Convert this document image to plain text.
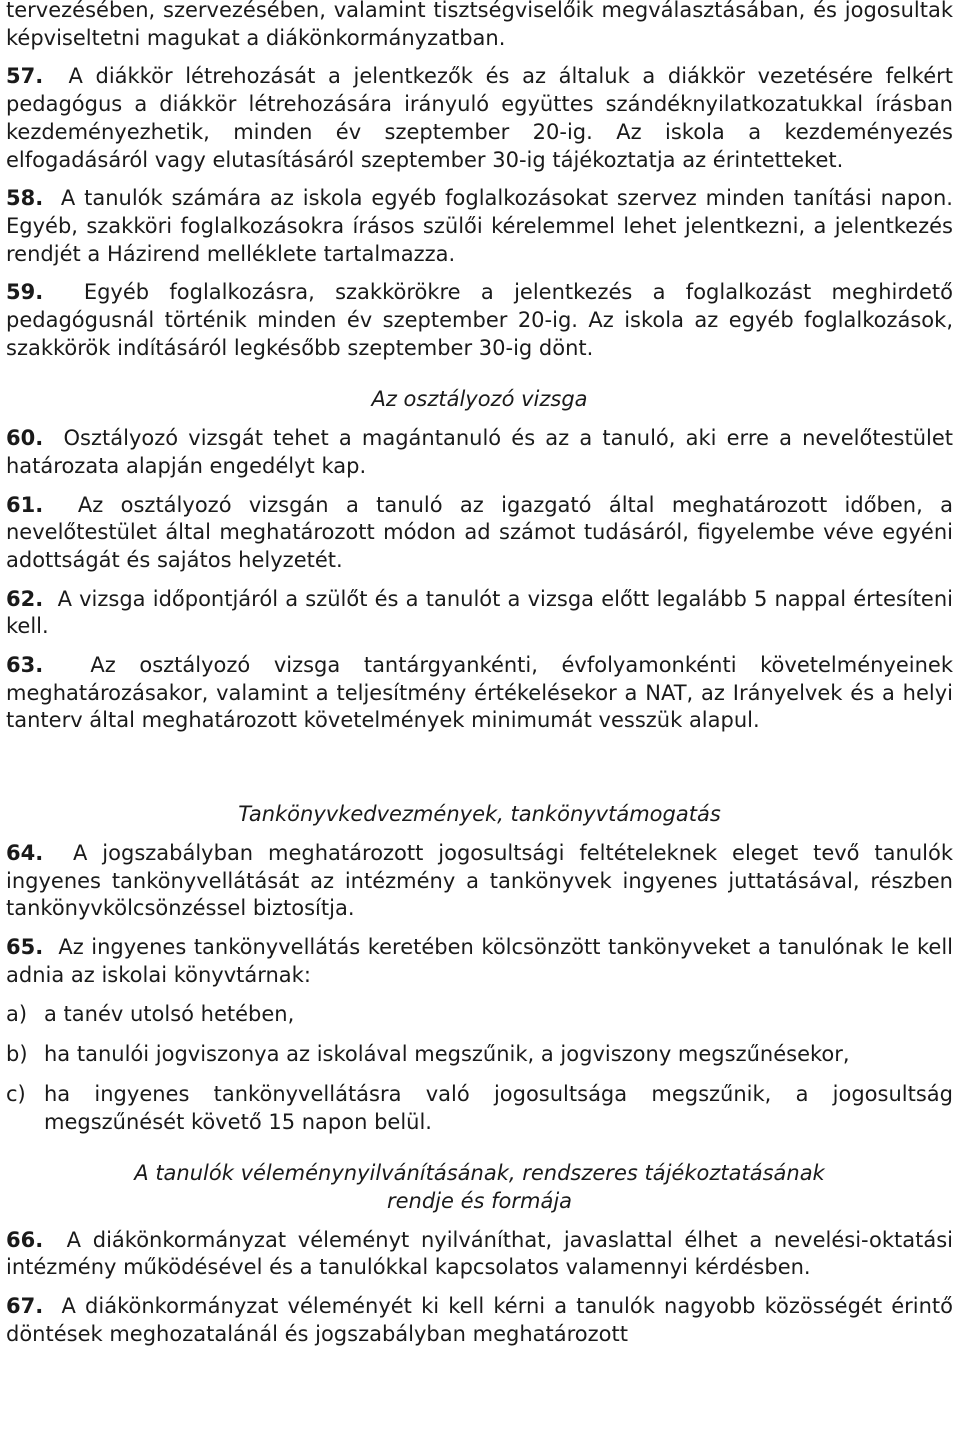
tervezésében, szervezésében, valamint tisztségviselőik megválasztásában, és jogosultak képviseltetni magukat a diákönkormányzatban.

57. A diákkör létrehozását a jelentkezők és az általuk a diákkör vezetésére felkért pedagógus a diákkör létrehozására irányuló együttes szándéknyilatkozatukkal írásban kezdeményezhetik, minden év szeptember 20-ig. Az iskola a kezdeményezés elfogadásáról vagy elutasításáról szeptember 30-ig tájékoztatja az érintetteket.

58. A tanulók számára az iskola egyéb foglalkozásokat szervez minden tanítási napon. Egyéb, szakköri foglalkozásokra írásos szülői kérelemmel lehet jelentkezni, a jelentkezés rendjét a Házirend melléklete tartalmazza.

59. Egyéb foglalkozásra, szakkörökre a jelentkezés a foglalkozást meghirdető pedagógusnál történik minden év szeptember 20-ig. Az iskola az egyéb foglalkozások, szakkörök indításáról legkésőbb szeptember 30-ig dönt.

Az osztályozó vizsga

60. Osztályozó vizsgát tehet a magántanuló és az a tanuló, aki erre a nevelőtestület határozata alapján engedélyt kap.

61. Az osztályozó vizsgán a tanuló az igazgató által meghatározott időben, a nevelőtestület által meghatározott módon ad számot tudásáról, figyelembe véve egyéni adottságát és sajátos helyzetét.

62. A vizsga időpontjáról a szülőt és a tanulót a vizsga előtt legalább 5 nappal értesíteni kell.

63. Az osztályozó vizsga tantárgyankénti, évfolyamonkénti követelményeinek meghatározásakor, valamint a teljesítmény értékelésekor a NAT, az Irányelvek és a helyi tanterv által meghatározott követelmények minimumát vesszük alapul.

Tankönyvkedvezmények, tankönyvtámogatás

64. A jogszabályban meghatározott jogosultsági feltételeknek eleget tevő tanulók ingyenes tankönyvellátását az intézmény a tankönyvek ingyenes juttatásával, részben tankönyvkölcsönzéssel biztosítja.

65. Az ingyenes tankönyvellátás keretében kölcsönzött tankönyveket a tanulónak le kell adnia az iskolai könyvtárnak:

a) a tanév utolsó hetében,

b) ha tanulói jogviszonya az iskolával megszűnik, a jogviszony megszűnésekor,

c) ha ingyenes tankönyvellátásra való jogosultsága megszűnik, a jogosultság megszűnését követő 15 napon belül.

A tanulók véleménynyilvánításának, rendszeres tájékoztatásának
rendje és formája

66. A diákönkormányzat véleményt nyilváníthat, javaslattal élhet a nevelési-oktatási intézmény működésével és a tanulókkal kapcsolatos valamennyi kérdésben.

67. A diákönkormányzat véleményét ki kell kérni a tanulók nagyobb közösségét érintő döntések meghozatalánál és jogszabályban meghatározott
